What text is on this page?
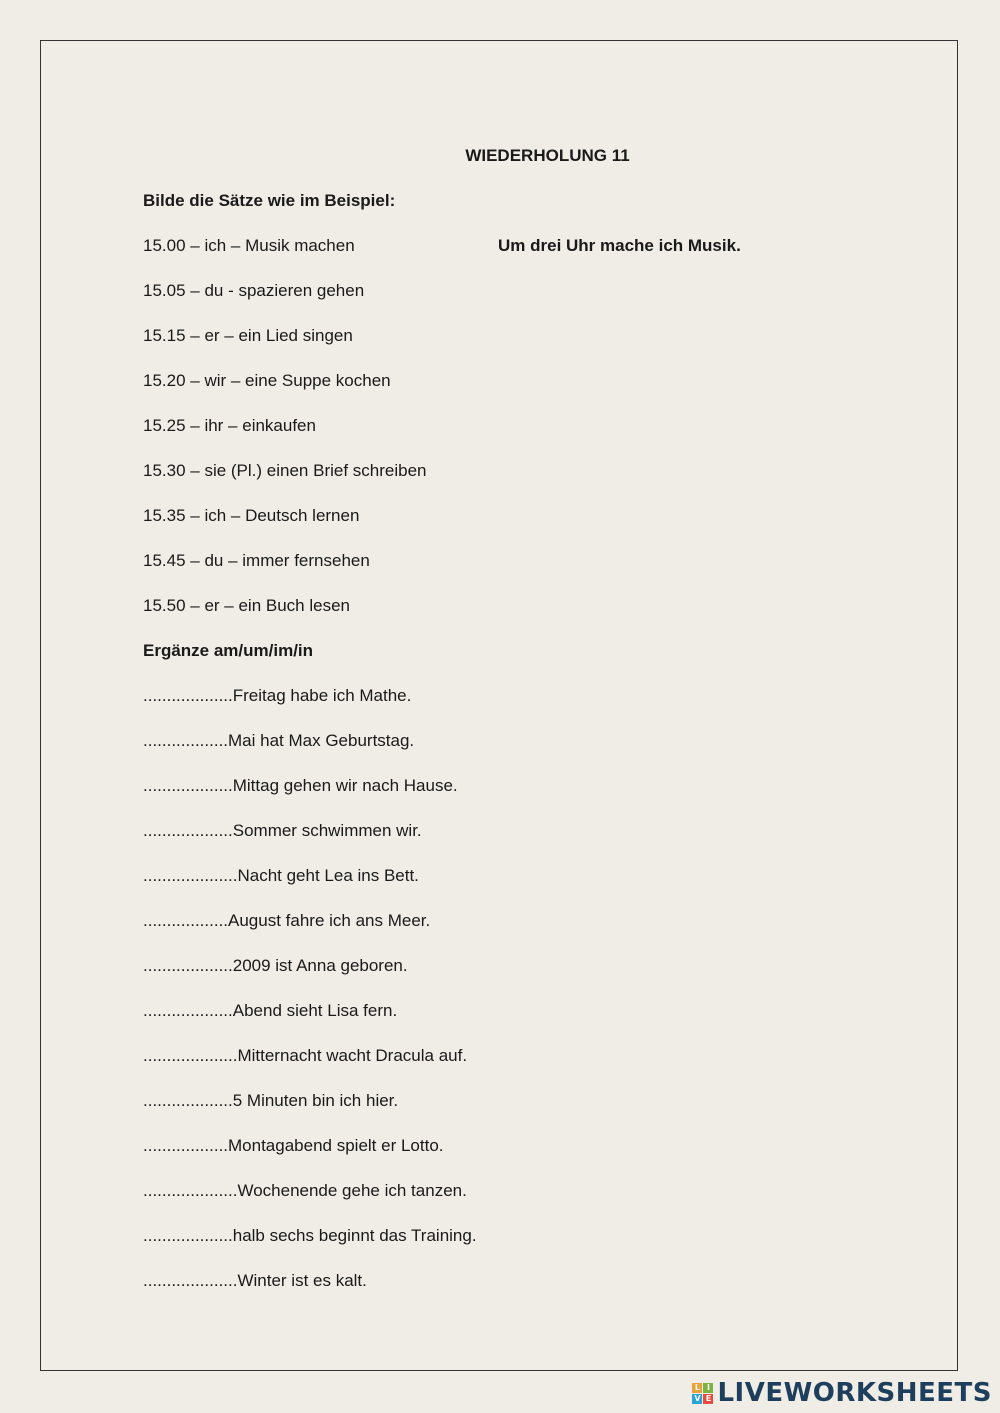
WIEDERHOLUNG 11
Bilde die Sätze wie im Beispiel:
15.00 – ich – Musik machen	Um drei Uhr mache ich Musik.
15.05 – du - spazieren gehen
15.15 – er – ein Lied singen
15.20 – wir – eine Suppe kochen
15.25 – ihr – einkaufen
15.30 – sie (Pl.) einen Brief schreiben
15.35 – ich – Deutsch lernen
15.45 – du – immer fernsehen
15.50 – er – ein Buch lesen
Ergänze am/um/im/in
...................Freitag habe ich Mathe.
..................Mai hat Max Geburtstag.
...................Mittag gehen wir nach Hause.
...................Sommer schwimmen wir.
....................Nacht geht Lea ins Bett.
..................August fahre ich ans Meer.
...................2009 ist Anna geboren.
...................Abend sieht Lisa fern.
....................Mitternacht wacht Dracula auf.
...................5 Minuten bin ich hier.
..................Montagabend spielt er Lotto.
....................Wochenende gehe ich tanzen.
...................halb sechs beginnt das Training.
....................Winter ist es kalt.
L I
V E LIVEWORKSHEETS
